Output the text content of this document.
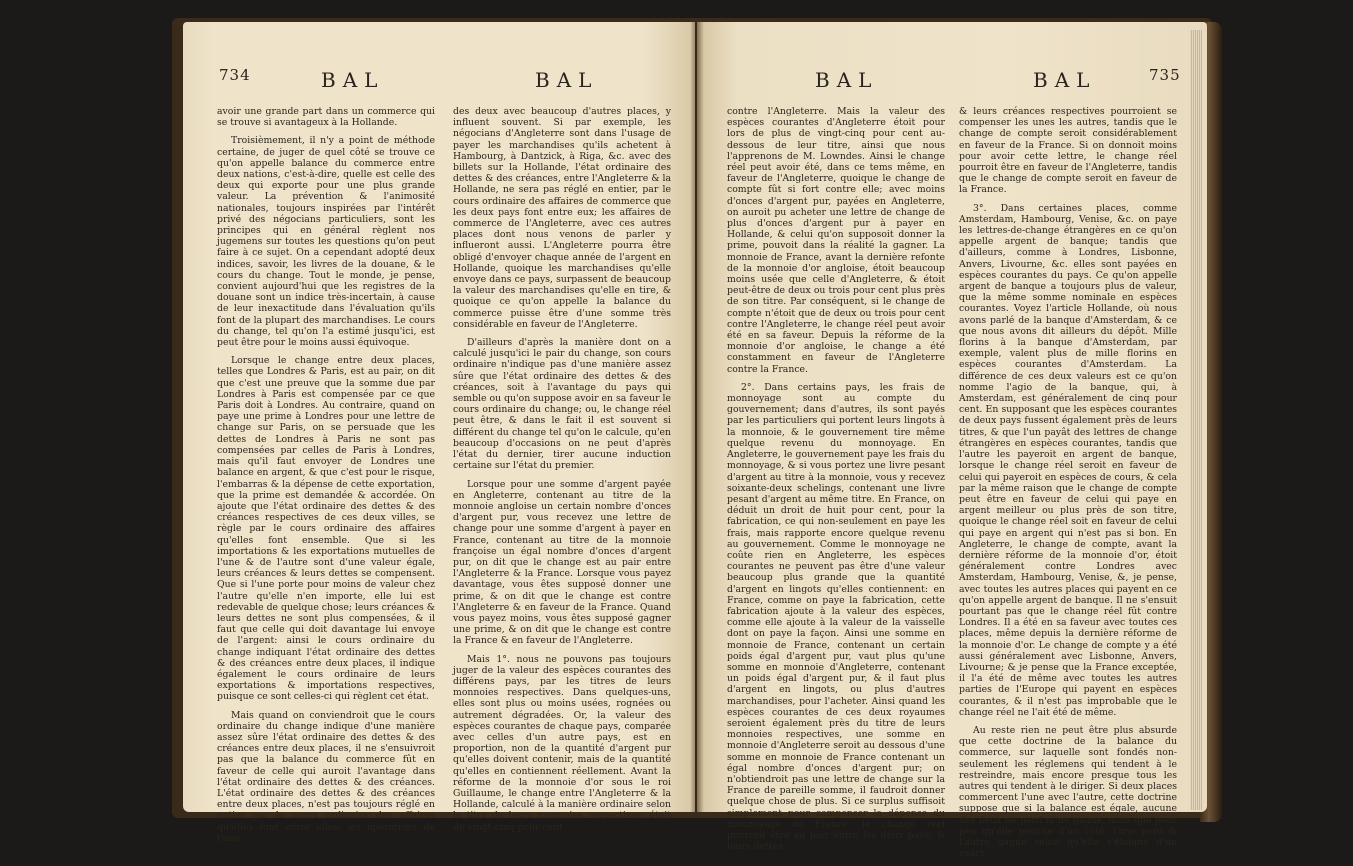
734	BAL	BAL

avoir une grande part dans un commerce qui se trouve si avantageux à la Hollande.

Troisièmement, il n'y a point de méthode certaine, de juger de quel côté se trouve ce qu'on appelle balance du commerce entre deux nations, c'est-à-dire, quelle est celle des deux qui exporte pour une plus grande valeur. La prévention & l'animosité nationales, toujours inspirées par l'intérêt privé des négocians particuliers, sont les principes qui en général règlent nos jugemens sur toutes les questions qu'on peut faire à ce sujet. On a cependant adopté deux indices, savoir, les livres de la douane, & le cours du change. Tout le monde, je pense, convient aujourd'hui que les registres de la douane sont un indice très-incertain, à cause de leur inexactitude dans l'évaluation qu'ils font de la plupart des marchandises. Le cours du change, tel qu'on l'a estimé jusqu'ici, est peut être pour le moins aussi équivoque.

Lorsque le change entre deux places, telles que Londres & Paris, est au pair, on dit que c'est une preuve que la somme due par Londres à Paris est compensée par ce que Paris doit à Londres. Au contraire, quand on paye une prime à Londres pour une lettre de change sur Paris, on se persuade que les dettes de Londres à Paris ne sont pas compensées par celles de Paris à Londres, mais qu'il faut envoyer de Londres une balance en argent, & que c'est pour le risque, l'embarras & la dépense de cette exportation, que la prime est demandée & accordée. On ajoute que l'état ordinaire des dettes & des créances respectives de ces deux villes, se règle par le cours ordinaire des affaires qu'elles font ensemble. Que si les importations & les exportations mutuelles de l'une & de l'autre sont d'une valeur égale, leurs créances & leurs dettes se compensent. Que si l'une porte pour moins de valeur chez l'autre qu'elle n'en importe, elle lui est redevable de quelque chose; leurs créances & leurs dettes ne sont plus compensées, & il faut que celle qui doit davantage lui envoye de l'argent: ainsi le cours ordinaire du change indiquant l'état ordinaire des dettes & des créances entre deux places, il indique également le cours ordinaire de leurs exportations & importations respectives, puisque ce sont celles-ci qui règlent cet état.

Mais quand on conviendroit que le cours ordinaire du change indique d'une manière assez sûre l'état ordinaire des dettes & des créances entre deux places, il ne s'ensuivroit pas que la balance du commerce fût en faveur de celle qui auroit l'avantage dans l'état ordinaire des dettes & des créances. L'état ordinaire des dettes & des créances entre deux places, n'est pas toujours réglé en entier par le cours ordinaire des affaires qu'elles font entre elles; les opérations de l'une

des deux avec beaucoup d'autres places, y influent souvent. Si par exemple, les négocians d'Angleterre sont dans l'usage de payer les marchandises qu'ils achetent à Hambourg, à Dantzick, à Riga, &c. avec des billets sur la Hollande, l'état ordinaire des dettes & des créances, entre l'Angleterre & la Hollande, ne sera pas réglé en entier, par le cours ordinaire des affaires de commerce que les deux pays font entre eux; les affaires de commerce de l'Angleterre, avec ces autres places dont nous venons de parler y influeront aussi. L'Angleterre pourra être obligé d'envoyer chaque année de l'argent en Hollande, quoique les marchandises qu'elle envoye dans ce pays, surpassent de beaucoup la valeur des marchandises qu'elle en tire, & quoique ce qu'on appelle la balance du commerce puisse être d'une somme très considérable en faveur de l'Angleterre.

D'ailleurs d'après la manière dont on a calculé jusqu'ici le pair du change, son cours ordinaire n'indique pas d'une manière assez sûre que l'état ordinaire des dettes & des créances, soit à l'avantage du pays qui semble ou qu'on suppose avoir en sa faveur le cours ordinaire du change; ou, le change réel peut être, & dans le fait il est souvent si différent du change tel qu'on le calcule, qu'en beaucoup d'occasions on ne peut d'après l'état du dernier, tirer aucune induction certaine sur l'état du premier.

Lorsque pour une somme d'argent payée en Angleterre, contenant au titre de la monnoie angloise un certain nombre d'onces d'argent pur, vous recevez une lettre de change pour une somme d'argent à payer en France, contenant au titre de la monnoie françoise un égal nombre d'onces d'argent pur, on dit que le change est au pair entre l'Angleterre & la France. Lorsque vous payez davantage, vous êtes supposé donner une prime, & on dit que le change est contre l'Angleterre & en faveur de la France. Quand vous payez moins, vous êtes supposé gagner une prime, & on dit que le change est contre la France & en faveur de l'Angleterre.

Mais 1°. nous ne pouvons pas toujours juger de la valeur des espèces courantes des différens pays, par les titres de leurs monnoies respectives. Dans quelques-uns, elles sont plus ou moins usées, rognées ou autrement dégradées. Or, la valeur des espèces courantes de chaque pays, comparée avec celles d'un autre pays, est en proportion, non de la quantité d'argent pur qu'elles doivent contenir, mais de la quantité qu'elles en contiennent réellement. Avant la réforme de la monnoie d'or sous le roi Guillaume, le change entre l'Angleterre & la Hollande, calculé à la manière ordinaire selon le titre de leurs monnoies respectives, étoit de vingt-cinq pour cent

BAL	BAL	735

contre l'Angleterre. Mais la valeur des espèces courantes d'Angleterre étoit pour lors de plus de vingt-cinq pour cent au-dessous de leur titre, ainsi que nous l'apprenons de M. Lowndes. Ainsi le change réel peut avoir été, dans ce tems même, en faveur de l'Angleterre, quoique le change de compte fût si fort contre elle; avec moins d'onces d'argent pur, payées en Angleterre, on auroit pu acheter une lettre de change de plus d'onces d'argent pur à payer en Hollande, & celui qu'on supposoit donner la prime, pouvoit dans la réalité la gagner. La monnoie de France, avant la dernière refonte de la monnoie d'or angloise, étoit beaucoup moins usée que celle d'Angleterre, & étoit peut-être de deux ou trois pour cent plus près de son titre. Par conséquent, si le change de compte n'étoit que de deux ou trois pour cent contre l'Angleterre, le change réel peut avoir été en sa faveur. Depuis la réforme de la monnoie d'or angloise, le change a été constamment en faveur de l'Angleterre contre la France.

2°. Dans certains pays, les frais de monnoyage sont au compte du gouvernement; dans d'autres, ils sont payés par les particuliers qui portent leurs lingots à la monnoie, & le gouvernement tire même quelque revenu du monnoyage. En Angleterre, le gouvernement paye les frais du monnoyage, & si vous portez une livre pesant d'argent au titre à la monnoie, vous y recevez soixante-deux schelings, contenant une livre pesant d'argent au même titre. En France, on déduit un droit de huit pour cent, pour la fabrication, ce qui non-seulement en paye les frais, mais rapporte encore quelque revenu au gouvernement. Comme le monnoyage ne coûte rien en Angleterre, les espèces courantes ne peuvent pas être d'une valeur beaucoup plus grande que la quantité d'argent en lingots qu'elles contiennent: en France, comme on paye la fabrication, cette fabrication ajoute à la valeur des espèces, comme elle ajoute à la valeur de la vaisselle dont on paye la façon. Ainsi une somme en monnoie de France, contenant un certain poids égal d'argent pur, vaut plus qu'une somme en monnoie d'Angleterre, contenant un poids égal d'argent pur, & il faut plus d'argent en lingots, ou plus d'autres marchandises, pour l'acheter. Ainsi quand les espèces courantes de ces deux royaumes seroient également près du titre de leurs monnoies respectives, une somme en monnoie d'Angleterre seroit au dessous d'une somme en monnoie de France contenant un égal nombre d'onces d'argent pur; on n'obtiendroit pas une lettre de change sur la France de pareille somme, il faudroit donner quelque chose de plus. Si ce surplus suffisoit simplement pour compenser la dépense du monnoyage de France, le change réel pourroit être au pair entre les deux pays, & leurs dettes

& leurs créances respectives pourroient se compenser les unes les autres, tandis que le change de compte seroit considérablement en faveur de la France. Si on donnoit moins pour avoir cette lettre, le change réel pourroit être en faveur de l'Angleterre, tandis que le change de compte seroit en faveur de la France.

3°. Dans certaines places, comme Amsterdam, Hambourg, Venise, &c. on paye les lettres-de-change étrangères en ce qu'on appelle argent de banque; tandis que d'ailleurs, comme à Londres, Lisbonne, Anvers, Livourne, &c. elles sont payées en espèces courantes du pays. Ce qu'on appelle argent de banque a toujours plus de valeur, que la même somme nominale en espèces courantes. Voyez l'article Hollande, où nous avons parlé de la banque d'Amsterdam, & ce que nous avons dit ailleurs du dépôt. Mille florins à la banque d'Amsterdam, par exemple, valent plus de mille florins en espèces courantes d'Amsterdam. La différence de ces deux valeurs est ce qu'on nomme l'agio de la banque, qui, à Amsterdam, est généralement de cinq pour cent. En supposant que les espèces courantes de deux pays fussent également près de leurs titres, & que l'un payât des lettres de change étrangères en espèces courantes, tandis que l'autre les payeroit en argent de banque, lorsque le change réel seroit en faveur de celui qui payeroit en espèces de cours, & cela par la même raison que le change de compte peut être en faveur de celui qui paye en argent meilleur ou plus près de son titre, quoique le change réel soit en faveur de celui qui paye en argent qui n'est pas si bon. En Angleterre, le change de compte, avant la dernière réforme de la monnoie d'or, étoit généralement contre Londres avec Amsterdam, Hambourg, Venise, &, je pense, avec toutes les autres places qui payent en ce qu'on appelle argent de banque. Il ne s'ensuit pourtant pas que le change réel fût contre Londres. Il a été en sa faveur avec toutes ces places, même depuis la dernière réforme de la monnoie d'or. Le change de compte y a été aussi généralement avec Lisbonne, Anvers, Livourne; & je pense que la France exceptée, il l'a été de même avec toutes les autres parties de l'Europe qui payent en espèces courantes, & il n'est pas improbable que le change réel ne l'ait été de même.

Au reste rien ne peut être plus absurde que cette doctrine de la balance du commerce, sur laquelle sont fondés non-seulement les réglemens qui tendent à le restreindre, mais encore presque tous les autres qui tendent à le diriger. Si deux places commercent l'une avec l'autre, cette doctrine suppose que si la balance est égale, aucune des deux ne perd ni ne gagne, mais que pour peu qu'elle penche d'un côté, l'une perd & l'autre gagne selon qu'elle s'éloigne d'un exact
